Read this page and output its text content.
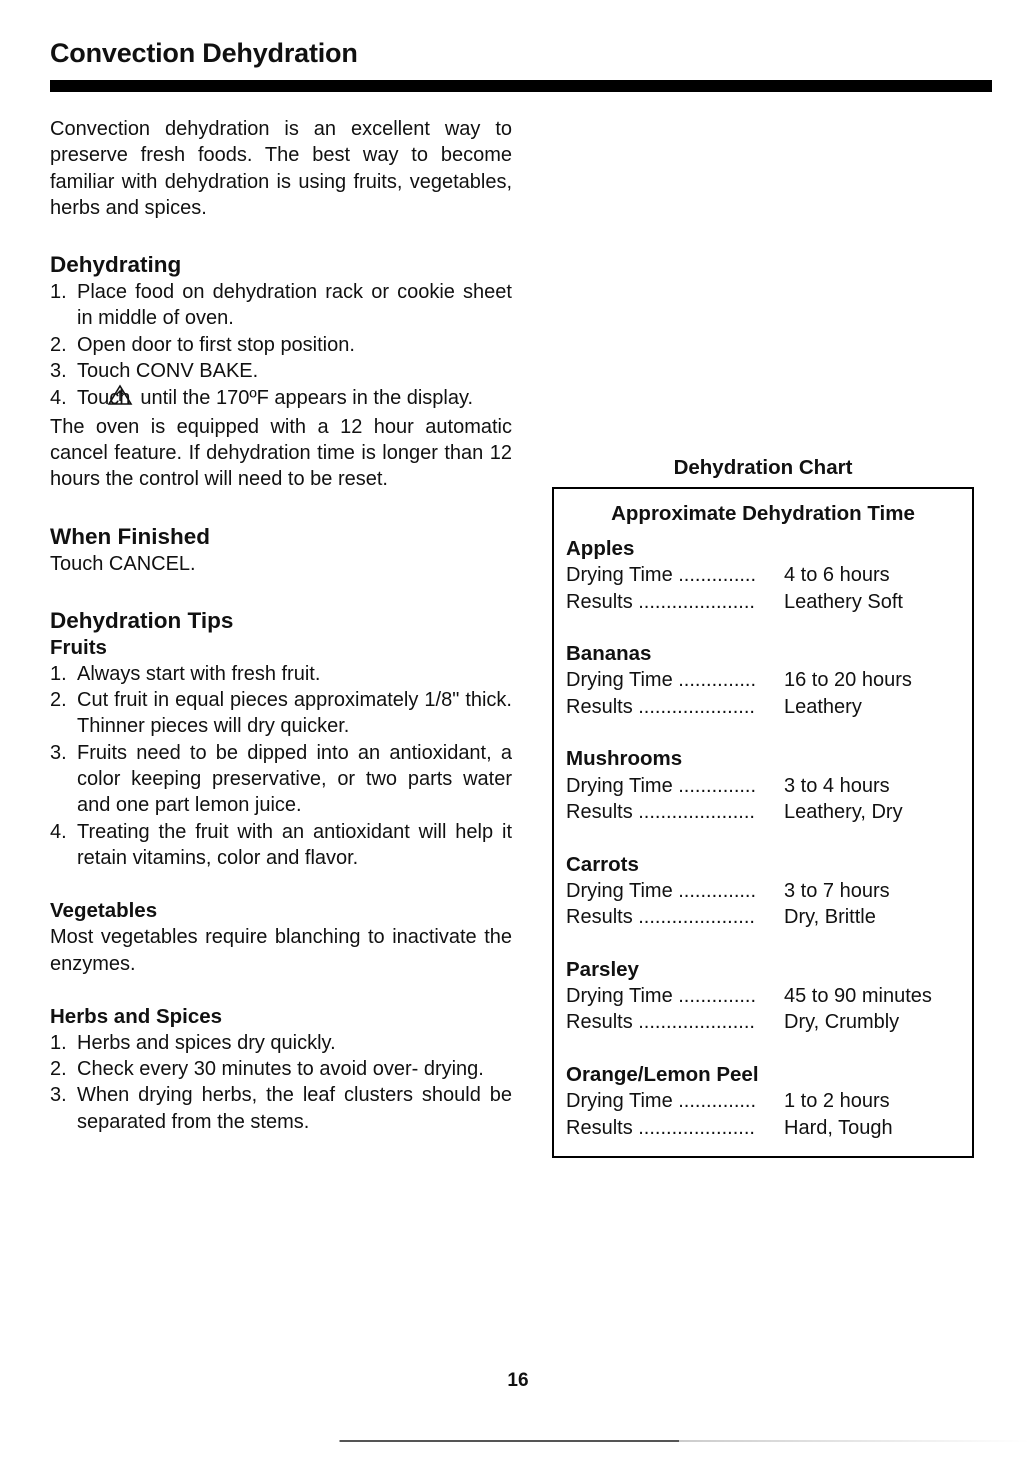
Convection Dehydration

Convection dehydration is an excellent way to preserve fresh foods. The best way to become familiar with dehydration is using fruits, vegetables, herbs and spices.

Dehydrating
1. Place food on dehydration rack or cookie sheet in middle of oven.
2. Open door to first stop position.
3. Touch CONV BAKE.
4. Touch until the 170ºF appears in the display.

The oven is equipped with a 12 hour automatic cancel feature. If dehydration time is longer than 12 hours the control will need to be reset.

When Finished

Touch CANCEL.

Dehydration Tips
Fruits
1. Always start with fresh fruit.
2. Cut fruit in equal pieces approximately 1/8" thick. Thinner pieces will dry quicker.
3. Fruits need to be dipped into an antioxidant, a color keeping preservative, or two parts water and one part lemon juice.
4. Treating the fruit with an antioxidant will help it retain vitamins, color and flavor.
Vegetables

Most vegetables require blanching to inactivate the enzymes.

Herbs and Spices
1. Herbs and spices dry quickly.
2. Check every 30 minutes to avoid over- drying.
3. When drying herbs, the leaf clusters should be separated from the stems.

Dehydration Chart

Approximate Dehydration Time

Apples

Drying Time ..............	4 to 6 hours
Results .....................	Leathery Soft

Bananas

Drying Time ..............	16 to 20 hours
Results .....................	Leathery

Mushrooms

Drying Time ..............	3 to 4 hours
Results .....................	Leathery, Dry

Carrots

Drying Time ..............	3 to 7 hours
Results .....................	Dry, Brittle

Parsley

Drying Time ..............	45 to 90 minutes
Results .....................	Dry, Crumbly

Orange/Lemon Peel

Drying Time ..............	1 to 2 hours
Results .....................	Hard, Tough

16
